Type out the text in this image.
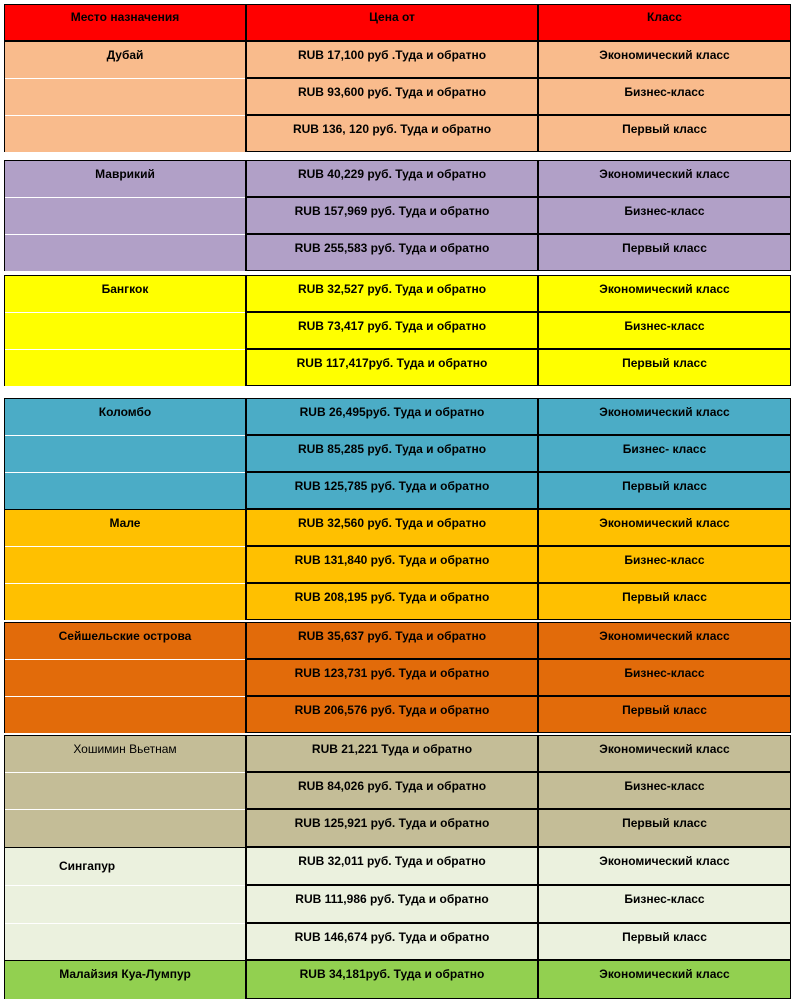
Место назначения	Цена от	Класс
Дубай	RUB 17,100 руб .Туда и обратно	Экономический класс
RUB 93,600 руб. Туда и обратно	Бизнес-класс
RUB 136, 120 руб. Туда и обратно	Первый класс
Маврикий	RUB 40,229 руб. Туда и обратно	Экономический класс
RUB 157,969 руб. Туда и обратно	Бизнес-класс
RUB 255,583 руб. Туда и обратно	Первый класс
Бангкок	RUB 32,527 руб. Туда и обратно	Экономический класс
RUB 73,417 руб. Туда и обратно	Бизнес-класс
RUB 117,417руб. Туда и обратно	Первый класс
Коломбо	RUB 26,495руб. Туда и обратно	Экономический класс
RUB 85,285 руб. Туда и обратно	Бизнес- класс
RUB 125,785 руб. Туда и обратно	Первый класс
Мале	RUB 32,560 руб. Туда и обратно	Экономический класс
RUB 131,840 руб. Туда и обратно	Бизнес-класс
RUB 208,195 руб. Туда и обратно	Первый класс
Сейшельские острова	RUB 35,637 руб. Туда и обратно	Экономический класс
RUB 123,731 руб. Туда и обратно	Бизнес-класс
RUB 206,576 руб. Туда и обратно	Первый класс
Хошимин Вьетнам	RUB 21,221 Туда и обратно	Экономический класс
RUB 84,026 руб. Туда и обратно	Бизнес-класс
RUB 125,921 руб. Туда и обратно	Первый класс
Сингапур	RUB 32,011 руб. Туда и обратно	Экономический класс
RUB 111,986 руб. Туда и обратно	Бизнес-класс
RUB 146,674 руб. Туда и обратно	Первый класс
Малайзия Куа-Лумпур	RUB 34,181руб. Туда и обратно	Экономический класс
